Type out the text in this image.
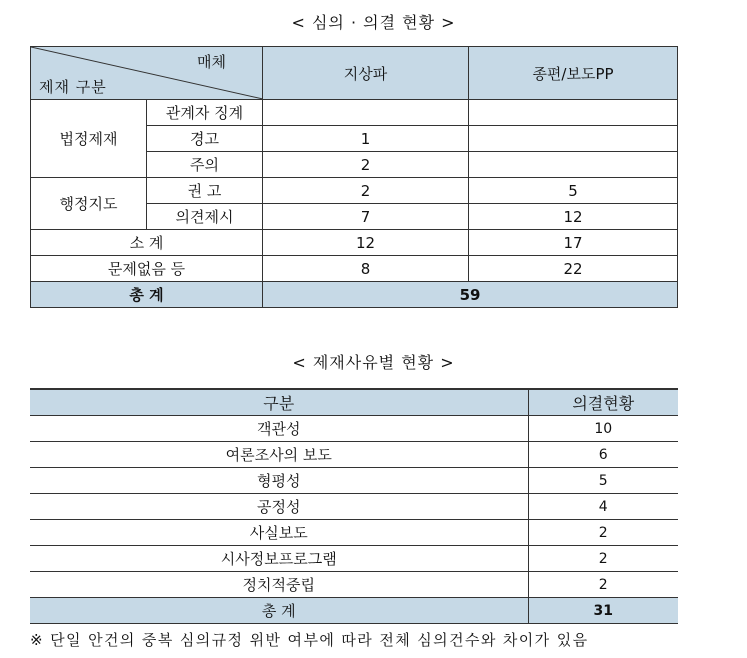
< 심의 · 의결 현황 >
매체
제재 구분		지상파	종편/보도PP
법정제재	관계자 징계		
	경고	1	
	주의	2	
행정지도	권 고	2	5
	의견제시	7	12
소 계		12	17
문제없음 등		8	22
총 계		59	
< 제재사유별 현황 >
구분	의결현황
객관성	10
여론조사의 보도	6
형평성	5
공정성	4
사실보도	2
시사정보프로그램	2
정치적중립	2
총 계	31
※ 단일 안건의 중복 심의규정 위반 여부에 따라 전체 심의건수와 차이가 있음
